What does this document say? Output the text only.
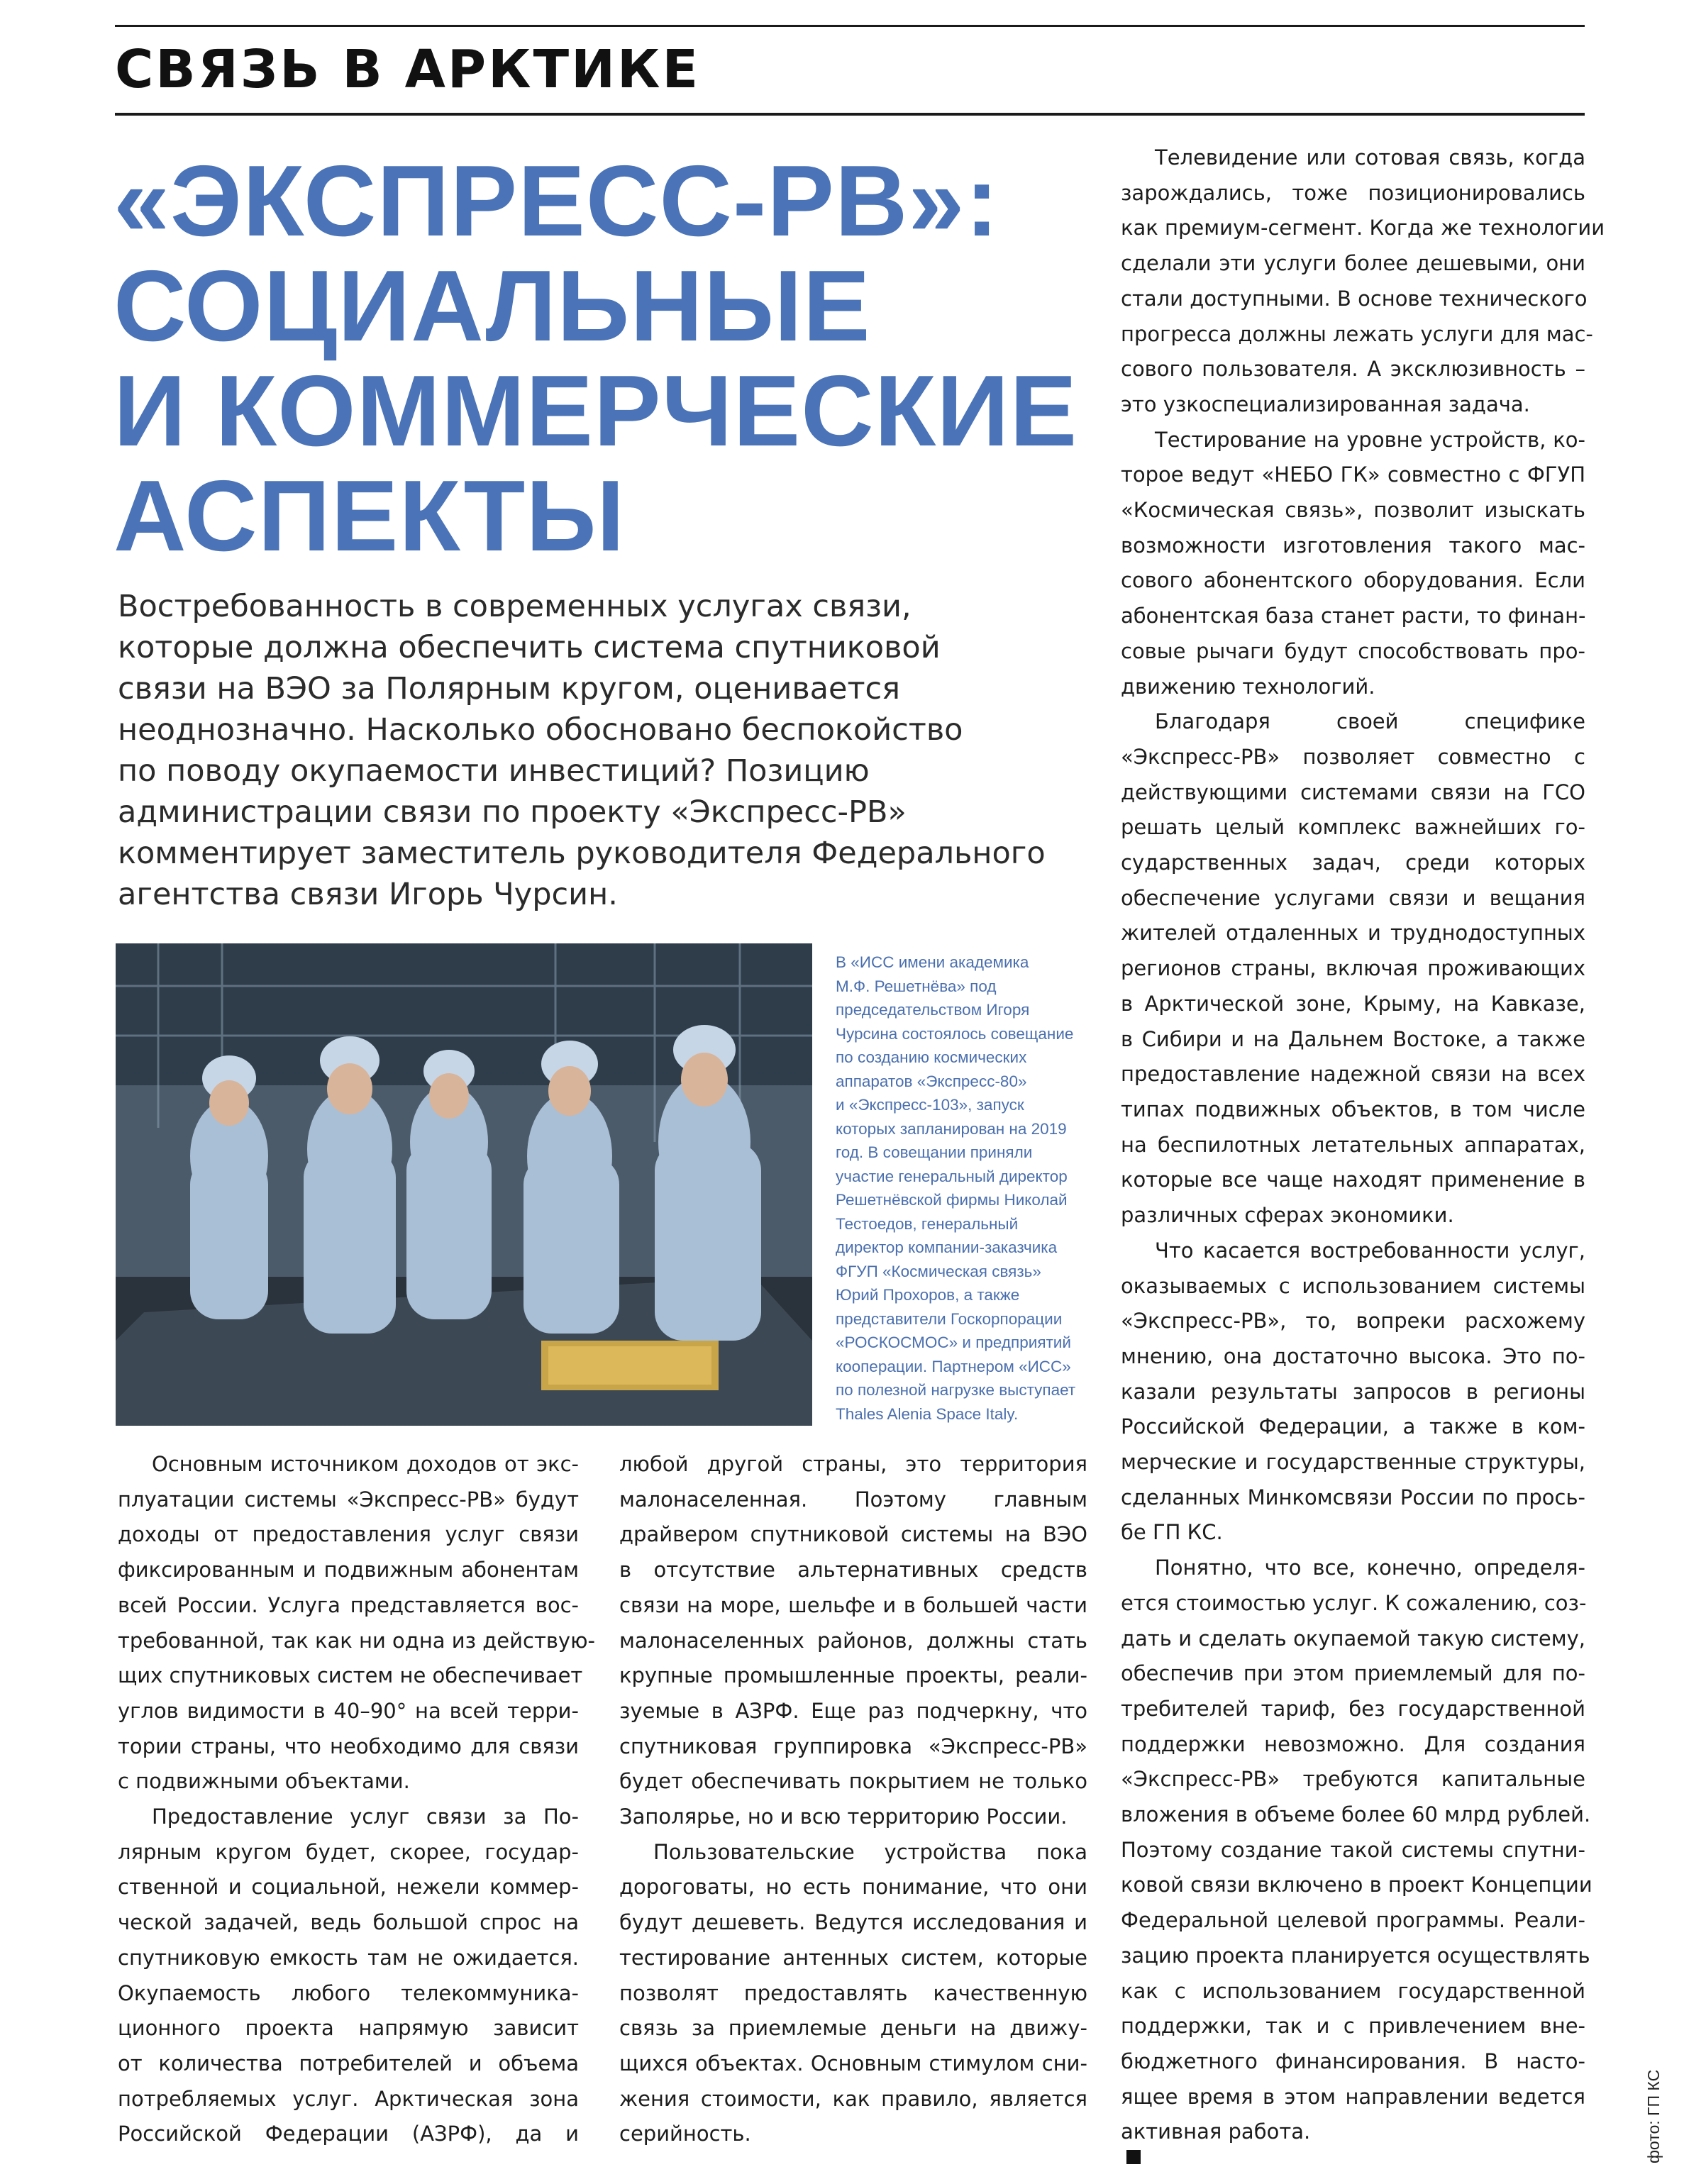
СВЯЗЬ В АРКТИКЕ
«ЭКСПРЕСС-РВ»:
СОЦИАЛЬНЫЕ
И КОММЕРЧЕСКИЕ
АСПЕКТЫ

Востребованность в современных услугах связи,
которые должна обеспечить система спутниковой
связи на ВЭО за Полярным кругом, оценивается
неоднозначно. Насколько обосновано беспокойство
по поводу окупаемости инвестиций? Позицию
администрации связи по проекту «Экспресс-РВ»
комментирует заместитель руководителя Федерального
агентства связи Игорь Чурсин.

В «ИСС имени академика
М.Ф. Решетнёва» под
председательством Игоря
Чурсина состоялось совещание
по созданию космических
аппаратов «Экспресс-80»
и «Экспресс-103», запуск
которых запланирован на 2019
год. В совещании приняли
участие генеральный директор
Решетнёвской фирмы Николай
Тестоедов, генеральный
директор компании-заказчика
ФГУП «Космическая связь»
Юрий Прохоров, а также
представители Госкорпорации
«РОСКОСМОС» и предприятий
кооперации. Партнером «ИСС»
по полезной нагрузке выступает
Thales Alenia Space Italy.

Основным источником доходов от экс-
плуатации системы «Экспресс-РВ» будут
доходы от предоставления услуг связи
фиксированным и подвижным абонентам
всей России. Услуга представляется вос-
требованной, так как ни одна из действую-
щих спутниковых систем не обеспечивает
углов видимости в 40–90° на всей терри-
тории страны, что необходимо для связи
с подвижными объектами.
Предоставление услуг связи за По-
лярным кругом будет, скорее, государ-
ственной и социальной, нежели коммер-
ческой задачей, ведь большой спрос на
спутниковую емкость там не ожидается.
Окупаемость любого телекоммуника-
ционного проекта напрямую зависит
от количества потребителей и объема
потребляемых услуг. Арктическая зона
Российской Федерации (АЗРФ), да и
любой другой страны, это территория
малонаселенная. Поэтому главным
драйвером спутниковой системы на ВЭО
в отсутствие альтернативных средств
связи на море, шельфе и в большей части
малонаселенных районов, должны стать
крупные промышленные проекты, реали-
зуемые в АЗРФ. Еще раз подчеркну, что
спутниковая группировка «Экспресс-РВ»
будет обеспечивать покрытием не только
Заполярье, но и всю территорию России.
Пользовательские устройства пока
дороговаты, но есть понимание, что они
будут дешеветь. Ведутся исследования и
тестирование антенных систем, которые
позволят предоставлять качественную
связь за приемлемые деньги на движу-
щихся объектах. Основным стимулом сни-
жения стоимости, как правило, является
серийность.
Телевидение или сотовая связь, когда
зарождались, тоже позиционировались
как премиум-сегмент. Когда же технологии
сделали эти услуги более дешевыми, они
стали доступными. В основе технического
прогресса должны лежать услуги для мас-
сового пользователя. А эксклюзивность –
это узкоспециализированная задача.
Тестирование на уровне устройств, ко-
торое ведут «НЕБО ГК» совместно с ФГУП
«Космическая связь», позволит изыскать
возможности изготовления такого мас-
сового абонентского оборудования. Если
абонентская база станет расти, то финан-
совые рычаги будут способствовать про-
движению технологий.
Благодаря своей специфике
«Экспресс-РВ» позволяет совместно с
действующими системами связи на ГСО
решать целый комплекс важнейших го-
сударственных задач, среди которых
обеспечение услугами связи и вещания
жителей отдаленных и труднодоступных
регионов страны, включая проживающих
в Арктической зоне, Крыму, на Кавказе,
в Сибири и на Дальнем Востоке, а также
предоставление надежной связи на всех
типах подвижных объектов, в том числе
на беспилотных летательных аппаратах,
которые все чаще находят применение в
различных сферах экономики.
Что касается востребованности услуг,
оказываемых с использованием системы
«Экспресс-РВ», то, вопреки расхожему
мнению, она достаточно высока. Это по-
казали результаты запросов в регионы
Российской Федерации, а также в ком-
мерческие и государственные структуры,
сделанных Минкомсвязи России по прось-
бе ГП КС.
Понятно, что все, конечно, определя-
ется стоимостью услуг. К сожалению, соз-
дать и сделать окупаемой такую систему,
обеспечив при этом приемлемый для по-
требителей тариф, без государственной
поддержки невозможно. Для создания
«Экспресс-РВ» требуются капитальные
вложения в объеме более 60 млрд рублей.
Поэтому создание такой системы спутни-
ковой связи включено в проект Концепции
Федеральной целевой программы. Реали-
зацию проекта планируется осуществлять
как с использованием государственной
поддержки, так и с привлечением вне-
бюджетного финансирования. В насто-
ящее время в этом направлении ведется
активная работа.	фото: ГП КС
